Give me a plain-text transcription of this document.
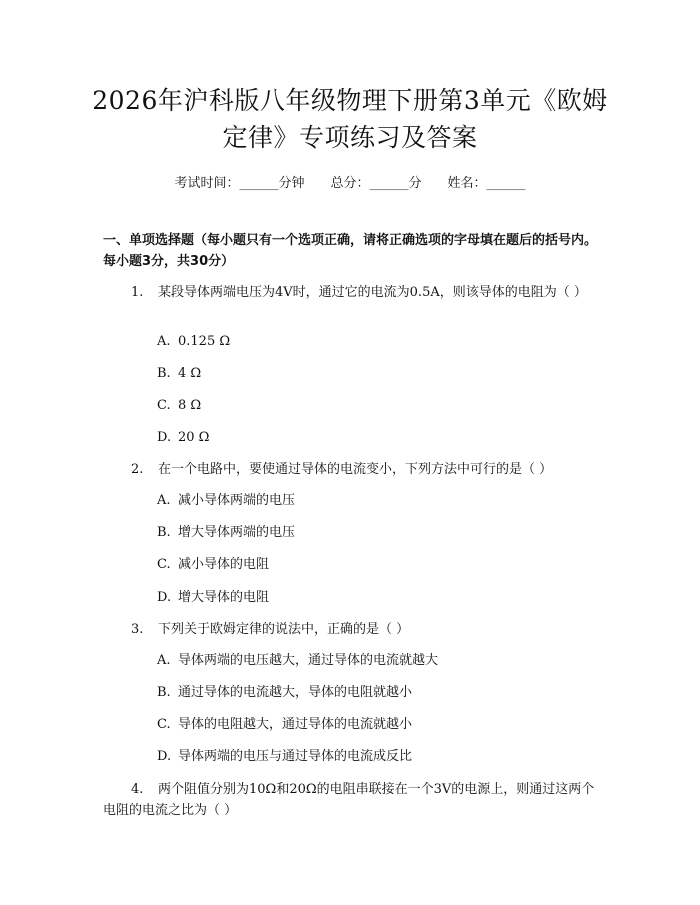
2026年沪科版八年级物理下册第3单元《欧姆定律》专项练习及答案
考试时间：______分钟　　总分：______分　　姓名：______
一、单项选择题（每小题只有一个选项正确，请将正确选项的字母填在题后的括号内。每小题3分，共30分）
1. 某段导体两端电压为4V时，通过它的电流为0.5A，则该导体的电阻为（ ）
A. 0.125 Ω
B. 4 Ω
C. 8 Ω
D. 20 Ω
2. 在一个电路中，要使通过导体的电流变小，下列方法中可行的是（ ）
A. 减小导体两端的电压
B. 增大导体两端的电压
C. 减小导体的电阻
D. 增大导体的电阻
3. 下列关于欧姆定律的说法中，正确的是（ ）
A. 导体两端的电压越大，通过导体的电流就越大
B. 通过导体的电流越大，导体的电阻就越小
C. 导体的电阻越大，通过导体的电流就越小
D. 导体两端的电压与通过导体的电流成反比
4. 两个阻值分别为10Ω和20Ω的电阻串联接在一个3V的电源上，则通过这两个电阻的电流之比为（ ）
